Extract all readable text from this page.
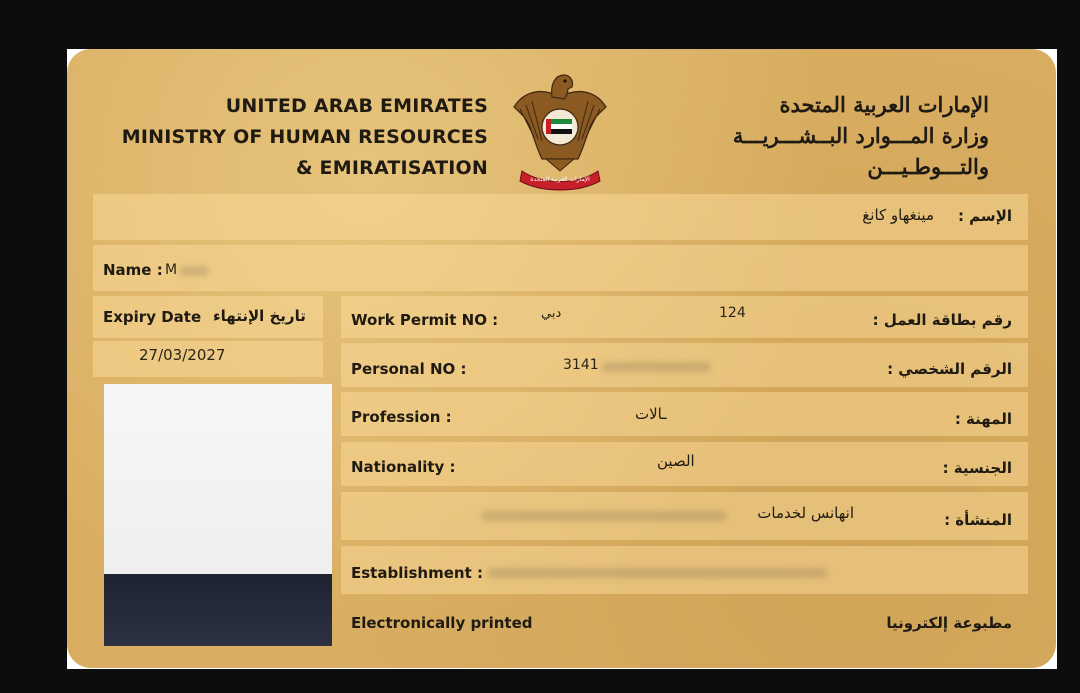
UNITED ARAB EMIRATES
MINISTRY OF HUMAN RESOURCES
& EMIRATISATION
الإمارات العربية المتحدة
الإمارات العربية المتحدة
وزارة المـــوارد البــشـــريـــة
والتـــوطـيـــن
الإسم :
مينغهاو كانغ
Name : M
Expiry Date تاريخ الإنتهاء
27/03/2027
Work Permit NO :	دبي	124	رقم بطاقة العمل :
Personal NO :	3141	الرقم الشخصي :
Profession :	ـالات	المهنة :
Nationality :	الصين	الجنسية :
انهانس لخدمات	المنشأة :
Establishment :
Electronically printed	مطبوعة إلكترونيا
